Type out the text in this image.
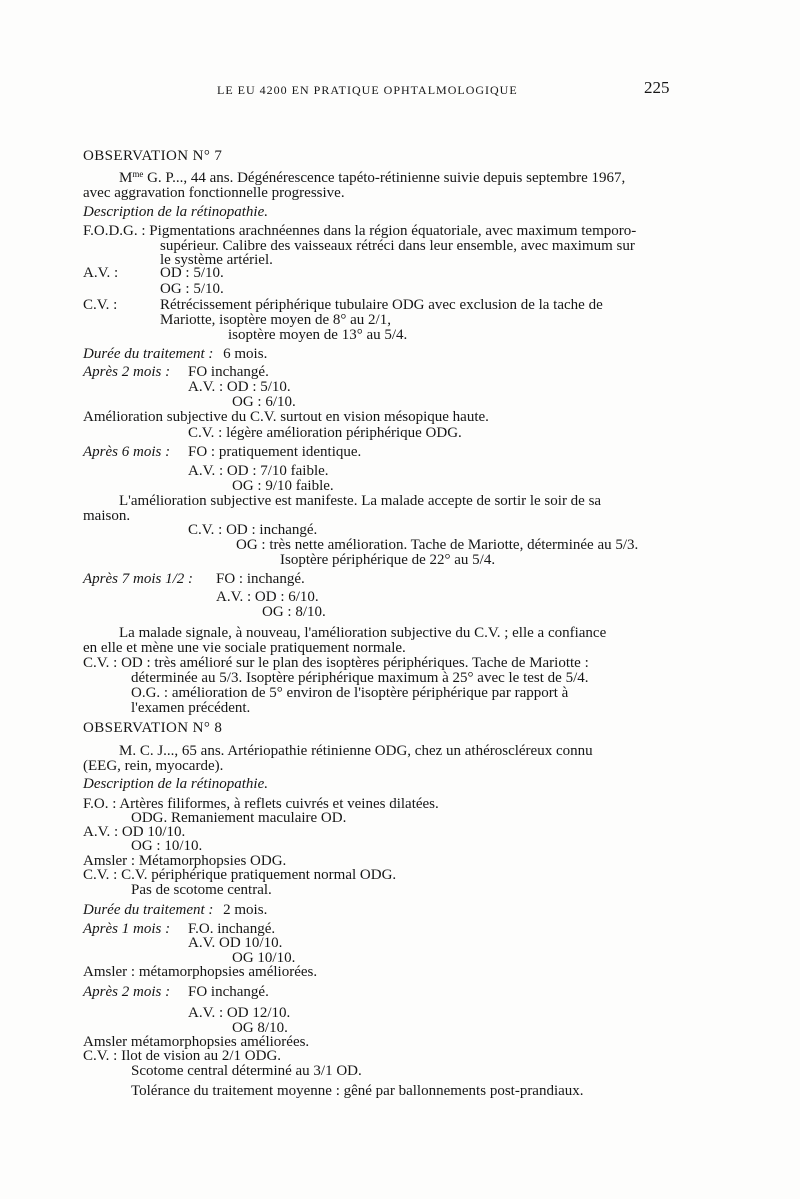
LE EU 4200 EN PRATIQUE OPHTALMOLOGIQUE	225
OBSERVATION N° 7
$M^{me}$ G. P..., 44 ans. Dégénérescence tapéto-rétinienne suivie depuis septembre 1967,
avec aggravation fonctionnelle progressive.
Description de la rétinopathie.
F.O.D.G. : Pigmentations arachnéennes dans la région équatoriale, avec maximum temporo-
supérieur. Calibre des vaisseaux rétréci dans leur ensemble, avec maximum sur
le système artériel.
A.V. :	OD : 5/10.
OG : 5/10.
C.V. :	Rétrécissement périphérique tubulaire ODG avec exclusion de la tache de
Mariotte, isoptère moyen de 8° au 2/1,
isoptère moyen de 13° au 5/4.
Durée du traitement : 6 mois.
Après 2 mois : FO inchangé.
A.V. : OD : 5/10.
OG : 6/10.
Amélioration subjective du C.V. surtout en vision mésopique haute.
C.V. : légère amélioration périphérique ODG.
Après 6 mois : FO : pratiquement identique.
A.V. : OD : 7/10 faible.
OG : 9/10 faible.
L'amélioration subjective est manifeste. La malade accepte de sortir le soir de sa
maison.
C.V. : OD : inchangé.
OG : très nette amélioration. Tache de Mariotte, déterminée au 5/3.
Isoptère périphérique de 22° au 5/4.
Après 7 mois 1/2 : FO : inchangé.
A.V. : OD : 6/10.
OG : 8/10.
La malade signale, à nouveau, l'amélioration subjective du C.V. ; elle a confiance
en elle et mène une vie sociale pratiquement normale.
C.V. : OD : très amélioré sur le plan des isoptères périphériques. Tache de Mariotte :
déterminée au 5/3. Isoptère périphérique maximum à 25° avec le test de 5/4.
O.G. : amélioration de 5° environ de l'isoptère périphérique par rapport à
l'examen précédent.
OBSERVATION N° 8
M. C. J..., 65 ans. Artériopathie rétinienne ODG, chez un athéroscléreux connu
(EEG, rein, myocarde).
Description de la rétinopathie.
F.O. : Artères filiformes, à reflets cuivrés et veines dilatées.
ODG. Remaniement maculaire OD.
A.V. : OD 10/10.
OG : 10/10.
Amsler : Métamorphopsies ODG.
C.V. : C.V. périphérique pratiquement normal ODG.
Pas de scotome central.
Durée du traitement : 2 mois.
Après 1 mois : F.O. inchangé.
A.V. OD 10/10.
OG 10/10.
Amsler : métamorphopsies améliorées.
Après 2 mois : FO inchangé.
A.V. : OD 12/10.
OG 8/10.
Amsler métamorphopsies améliorées.
C.V. : Ilot de vision au 2/1 ODG.
Scotome central déterminé au 3/1 OD.
Tolérance du traitement moyenne : gêné par ballonnements post-prandiaux.
